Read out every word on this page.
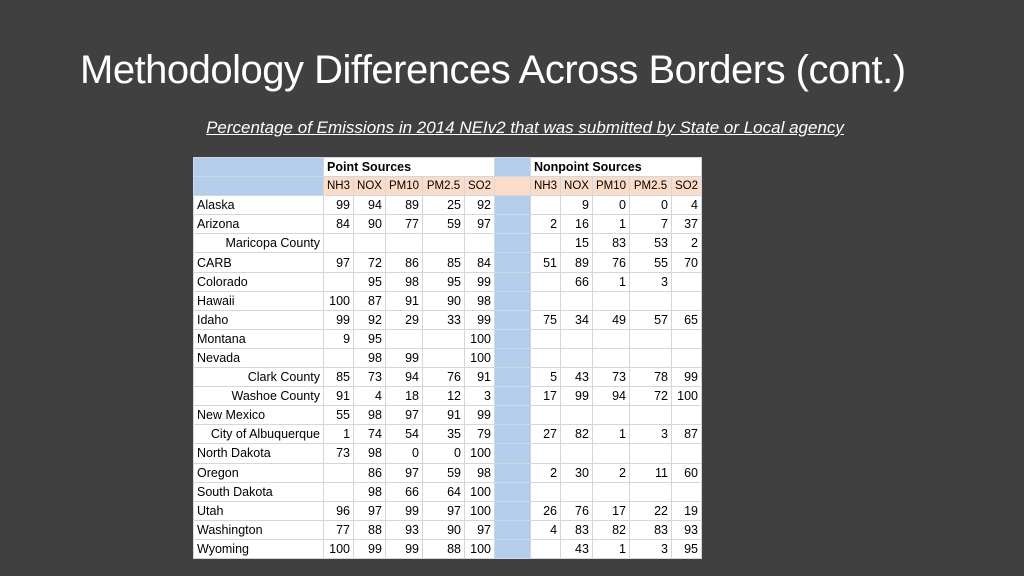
Methodology Differences Across Borders (cont.)
Percentage of Emissions in 2014 NEIv2 that was submitted by State or Local agency
	Point Sources						Nonpoint Sources				
	NH3	NOX	PM10	PM2.5	SO2		NH3	NOX	PM10	PM2.5	SO2
Alaska	99	94	89	25	92			9	0	0	4
Arizona	84	90	77	59	97		2	16	1	7	37
Maricopa County								15	83	53	2
CARB	97	72	86	85	84		51	89	76	55	70
Colorado		95	98	95	99			66	1	3	
Hawaii	100	87	91	90	98						
Idaho	99	92	29	33	99		75	34	49	57	65
Montana	9	95			100						
Nevada		98	99		100						
Clark County	85	73	94	76	91		5	43	73	78	99
Washoe County	91	4	18	12	3		17	99	94	72	100
New Mexico	55	98	97	91	99						
City of Albuquerque	1	74	54	35	79		27	82	1	3	87
North Dakota	73	98	0	0	100						
Oregon		86	97	59	98		2	30	2	11	60
South Dakota		98	66	64	100						
Utah	96	97	99	97	100		26	76	17	22	19
Washington	77	88	93	90	97		4	83	82	83	93
Wyoming	100	99	99	88	100			43	1	3	95
